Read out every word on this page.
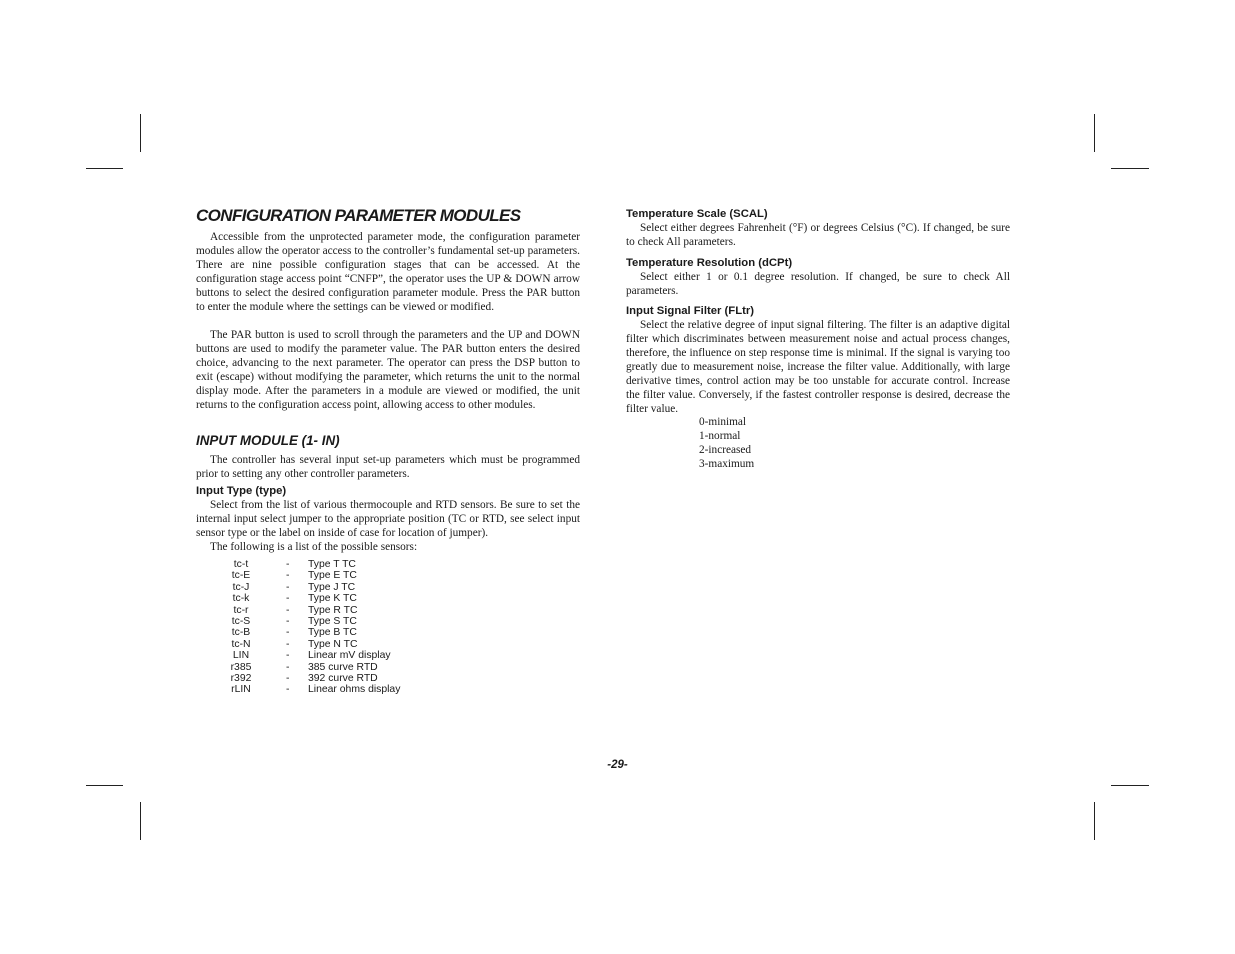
CONFIGURATION PARAMETER MODULES

Accessible from the unprotected parameter mode, the configuration parameter modules allow the operator access to the controller’s fundamental set-up parameters. There are nine possible configuration stages that can be accessed. At the configuration stage access point “CNFP”, the operator uses the UP & DOWN arrow buttons to select the desired configuration parameter module. Press the PAR button to enter the module where the settings can be viewed or modified.

The PAR button is used to scroll through the parameters and the UP and DOWN buttons are used to modify the parameter value. The PAR button enters the desired choice, advancing to the next parameter. The operator can press the DSP button to exit (escape) without modifying the parameter, which returns the unit to the normal display mode. After the parameters in a module are viewed or modified, the unit returns to the configuration access point, allowing access to other modules.

INPUT MODULE (1- IN)

The controller has several input set-up parameters which must be programmed prior to setting any other controller parameters.

Input Type (type)

Select from the list of various thermocouple and RTD sensors. Be sure to set the internal input select jumper to the appropriate position (TC or RTD, see select input sensor type or the label on inside of case for location of jumper).

The following is a list of the possible sensors:

tc-t	-	Type T TC
tc-E	-	Type E TC
tc-J	-	Type J TC
tc-k	-	Type K TC
tc-r	-	Type R TC
tc-S	-	Type S TC
tc-B	-	Type B TC
tc-N	-	Type N TC
LIN	-	Linear mV display
r385	-	385 curve RTD
r392	-	392 curve RTD
rLIN	-	Linear ohms display
Temperature Scale (SCAL)

Select either degrees Fahrenheit (°F) or degrees Celsius (°C). If changed, be sure to check All parameters.

Temperature Resolution (dCPt)

Select either 1 or 0.1 degree resolution. If changed, be sure to check All parameters.

Input Signal Filter (FLtr)

Select the relative degree of input signal filtering. The filter is an adaptive digital filter which discriminates between measurement noise and actual process changes, therefore, the influence on step response time is minimal. If the signal is varying too greatly due to measurement noise, increase the filter value. Additionally, with large derivative times, control action may be too unstable for accurate control. Increase the filter value. Conversely, if the fastest controller response is desired, decrease the filter value.

0-minimal
1-normal
2-increased
3-maximum
-29-
